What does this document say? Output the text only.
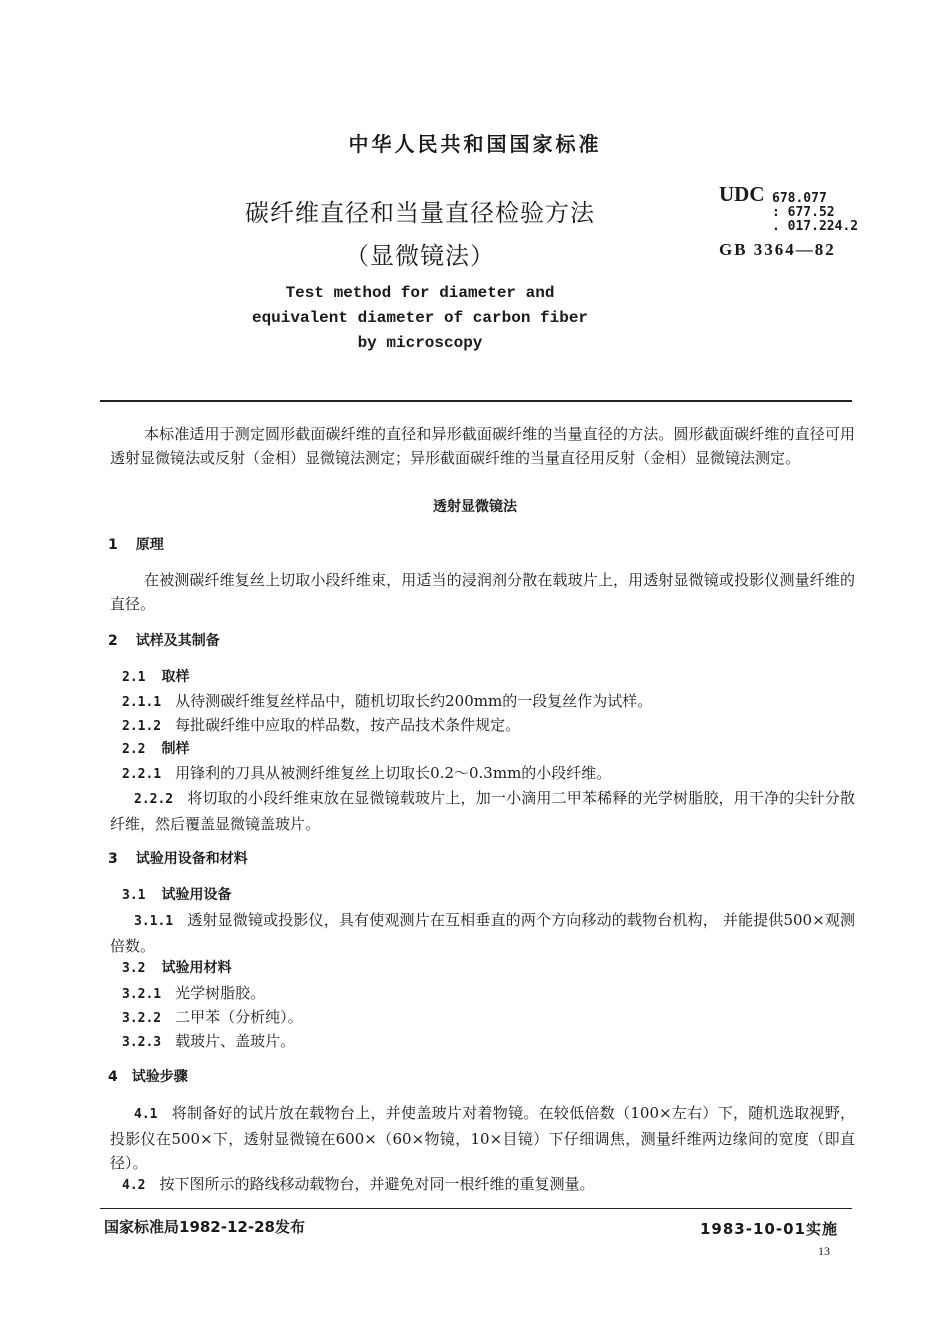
中华人民共和国国家标准
碳纤维直径和当量直径检验方法
（显微镜法）
UDC 678.077
: 677.52
. 017.224.2
GB 3364—82
Test method for diameter and
equivalent diameter of carbon fiber
by microscopy
本标准适用于测定圆形截面碳纤维的直径和异形截面碳纤维的当量直径的方法。圆形截面碳纤维的直径可用透射显微镜法或反射（金相）显微镜法测定；异形截面碳纤维的当量直径用反射（金相）显微镜法测定。
透射显微镜法
1 原理
在被测碳纤维复丝上切取小段纤维束，用适当的浸润剂分散在载玻片上，用透射显微镜或投影仪测量纤维的直径。
2 试样及其制备
2.1 取样
2.1.1 从待测碳纤维复丝样品中，随机切取长约200mm的一段复丝作为试样。
2.1.2 每批碳纤维中应取的样品数，按产品技术条件规定。
2.2 制样
2.2.1 用锋利的刀具从被测纤维复丝上切取长0.2～0.3mm的小段纤维。
2.2.2 将切取的小段纤维束放在显微镜载玻片上，加一小滴用二甲苯稀释的光学树脂胶，用干净的尖针分散纤维，然后覆盖显微镜盖玻片。
3 试验用设备和材料
3.1 试验用设备
3.1.1 透射显微镜或投影仪，具有使观测片在互相垂直的两个方向移动的载物台机构， 并能提供500×观测倍数。
3.2 试验用材料
3.2.1 光学树脂胶。
3.2.2 二甲苯（分析纯）。
3.2.3 载玻片、盖玻片。
4 试验步骤
4.1 将制备好的试片放在载物台上，并使盖玻片对着物镜。在较低倍数（100×左右）下，随机选取视野，投影仪在500×下，透射显微镜在600×（60×物镜，10×目镜）下仔细调焦，测量纤维两边缘间的宽度（即直径）。
4.2 按下图所示的路线移动载物台，并避免对同一根纤维的重复测量。
国家标准局1982-12-28发布	1983-10-01实施
13
